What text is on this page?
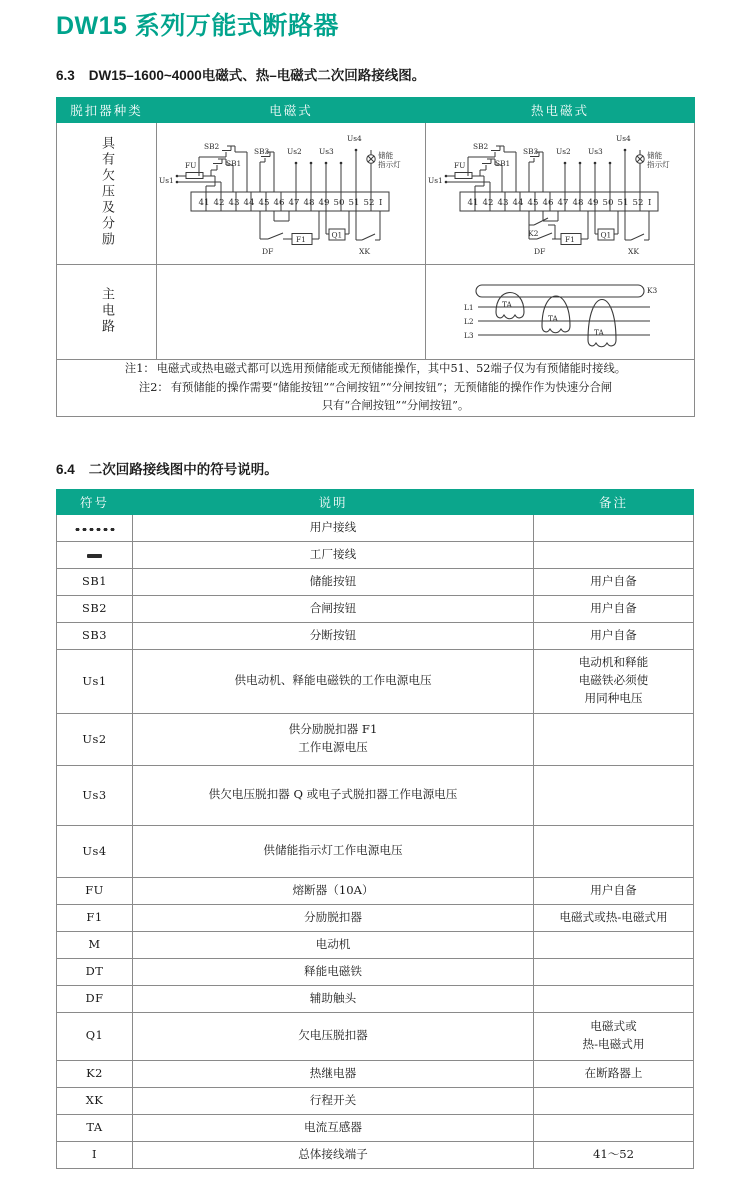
DW15 系列万能式断路器
6.3 DW15–1600~4000电磁式、热–电磁式二次回路接线图。
脱扣器种类	电磁式	热电磁式
具有欠压及分励	41 42 43 44 45 46 47 48 49 50 51 52 I
Us1
FU
SB2
SB1
SB3 Us2 Us3
Us4
储能
指示灯
F1
DF
Q1
XK

41 42 43 44 45 46 47 48 49 50 51 52 I
Us1
FU
SB2
SB1
SB3 Us2 Us3
Us4
储能
指示灯
K2
F1
DF
Q1
XK

主电路		K3
L1
L2
L3
TA
TA
TA

注1： 电磁式或热电磁式都可以选用预储能或无预储能操作，其中51、52端子仅为有预储能时接线。
注2： 有预储能的操作需要“储能按钮”“合闸按钮”“分闸按钮”；无预储能的操作作为快速分合闸
只有“合闸按钮”“分闸按钮”。		
6.4 二次回路接线图中的符号说明。
符号	说明	备注

	用户接线	

	工厂接线	

SB1	储能按钮	用户自备

SB2	合闸按钮	用户自备

SB3	分断按钮	用户自备

Us1	供电动机、释能电磁铁的工作电源电压	电动机和释能
电磁铁必须使
用同种电压

Us2	供分励脱扣器 F1
工作电源电压	

Us3	供欠电压脱扣器 Q 或电子式脱扣器工作电源电压	

Us4	供储能指示灯工作电源电压	

FU	熔断器（10A）	用户自备

F1	分励脱扣器	电磁式或热-电磁式用

M	电动机	

DT	释能电磁铁	

DF	辅助触头	

Q1	欠电压脱扣器	电磁式或
热-电磁式用

K2	热继电器	在断路器上

XK	行程开关	

TA	电流互感器	

I	总体接线端子	41～52
